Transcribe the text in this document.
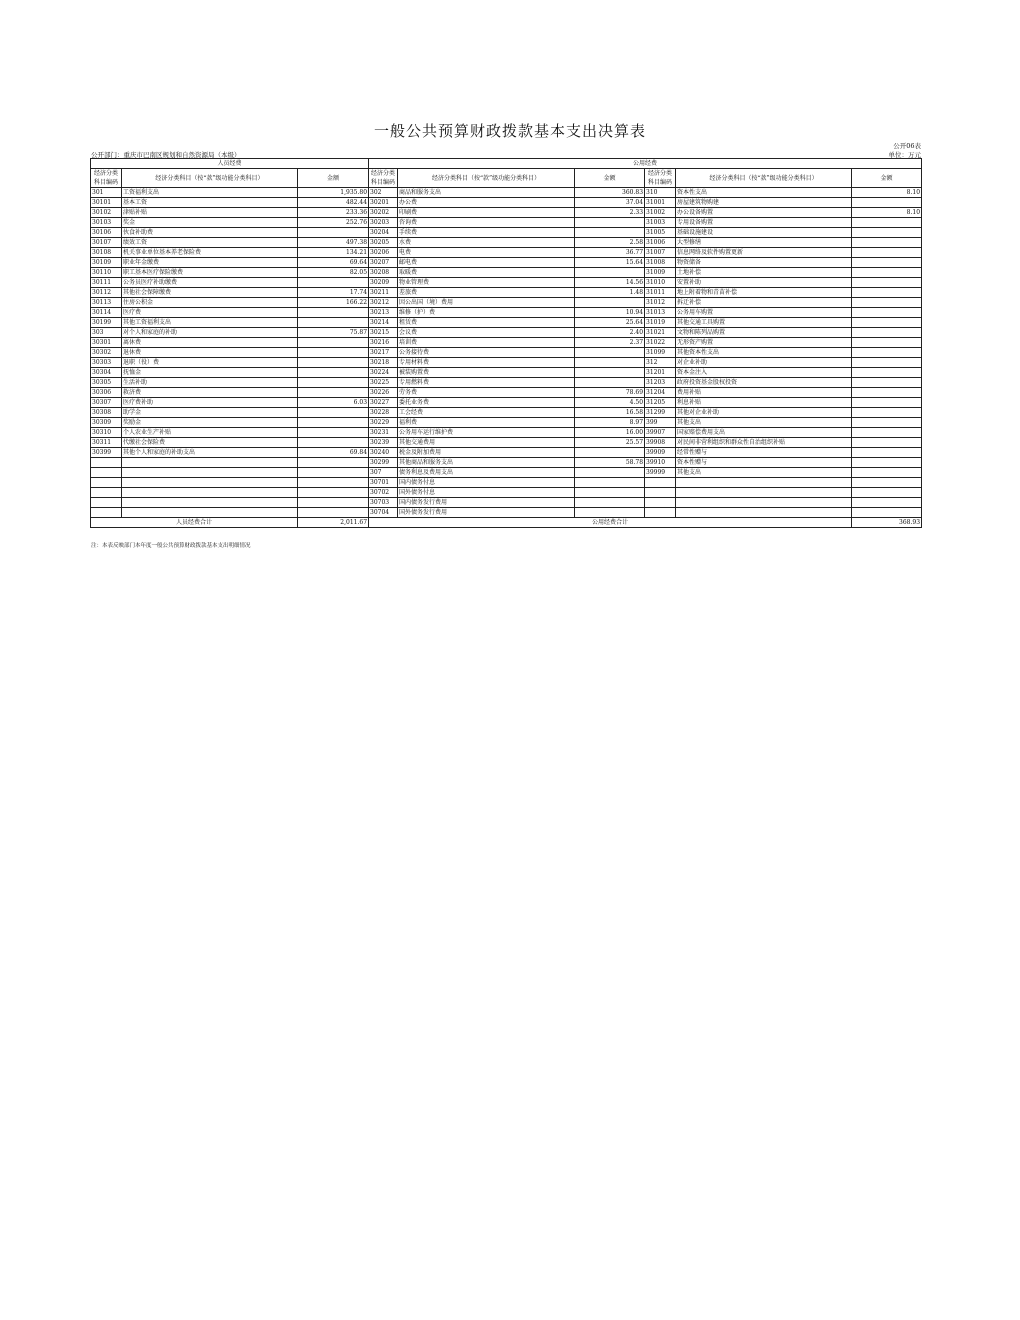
一般公共预算财政拨款基本支出决算表
公开06表
公开部门：重庆市巴南区规划和自然资源局（本级）	单位：万元
人员经费			公用经费					
经济分类科目编码	经济分类科目（按“款”级功能分类科目）	金额	经济分类科目编码	经济分类科目（按“款”级功能分类科目）	金额	经济分类科目编码	经济分类科目（按“款”级功能分类科目）	金额
301	工资福利支出	1,935.80	302	商品和服务支出	360.83	310	资本性支出	8.10
30101	基本工资	482.44	30201	办公费	37.04	31001	房屋建筑物购建	
30102	津贴补贴	233.36	30202	印刷费	2.33	31002	办公设备购置	8.10
30103	奖金	252.76	30203	咨询费		31003	专用设备购置	
30106	伙食补助费		30204	手续费		31005	基础设施建设	
30107	绩效工资	497.38	30205	水费	2.58	31006	大型修缮	
30108	机关事业单位基本养老保险费	134.21	30206	电费	36.77	31007	信息网络及软件购置更新	
30109	职业年金缴费	69.64	30207	邮电费	15.64	31008	物资储备	
30110	职工基本医疗保险缴费	82.05	30208	取暖费		31009	土地补偿	
30111	公务员医疗补助缴费		30209	物业管理费	14.56	31010	安置补助	
30112	其他社会保障缴费	17.74	30211	差旅费	1.48	31011	地上附着物和青苗补偿	
30113	住房公积金	166.22	30212	因公出国（境）费用		31012	拆迁补偿	
30114	医疗费		30213	维修（护）费	10.94	31013	公务用车购置	
30199	其他工资福利支出		30214	租赁费	25.64	31019	其他交通工具购置	
303	对个人和家庭的补助	75.87	30215	会议费	2.40	31021	文物和陈列品购置	
30301	离休费		30216	培训费	2.37	31022	无形资产购置	
30302	退休费		30217	公务接待费		31099	其他资本性支出	
30303	退职（役）费		30218	专用材料费		312	对企业补助	
30304	抚恤金		30224	被装购置费		31201	资本金注入	
30305	生活补助		30225	专用燃料费		31203	政府投资基金股权投资	
30306	救济费		30226	劳务费	78.69	31204	费用补贴	
30307	医疗费补助	6.03	30227	委托业务费	4.50	31205	利息补贴	
30308	助学金		30228	工会经费	16.58	31299	其他对企业补助	
30309	奖励金		30229	福利费	8.97	399	其他支出	
30310	个人农业生产补贴		30231	公务用车运行维护费	16.00	39907	国家赔偿费用支出	
30311	代缴社会保险费		30239	其他交通费用	25.57	39908	对民间非营利组织和群众性自治组织补贴	
30399	其他个人和家庭的补助支出	69.84	30240	税金及附加费用		39909	经常性赠与	
			30299	其他商品和服务支出	58.78	39910	资本性赠与	
			307	债务利息及费用支出		39999	其他支出	
			30701	国内债务付息				
			30702	国外债务付息				
			30703	国内债务发行费用				
			30704	国外债务发行费用				
人员经费合计		2,011.67	公用经费合计					368.93
注：本表反映部门本年度一般公共预算财政拨款基本支出明细情况
